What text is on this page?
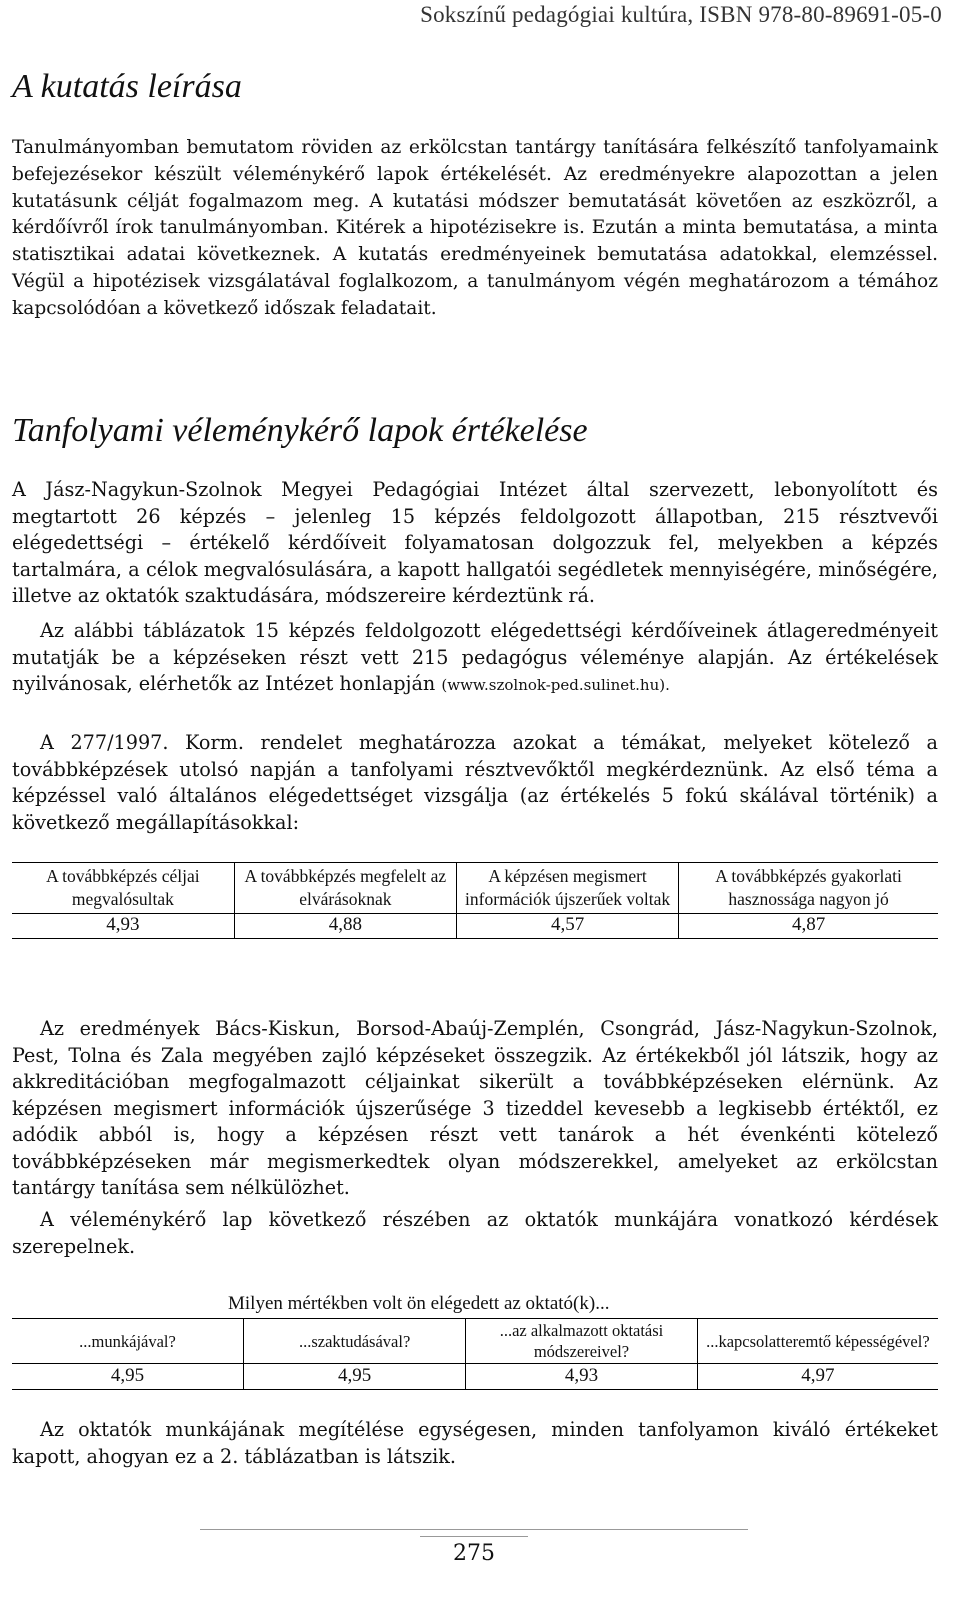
Sokszínű pedagógiai kultúra, ISBN 978-80-89691-05-0
A kutatás leírása

Tanulmányomban bemutatom röviden az erkölcstan tantárgy tanítására felkészítő tanfolyamaink befejezésekor készült véleménykérő lapok értékelését. Az eredményekre alapozottan a jelen kutatásunk célját fogalmazom meg. A kutatási módszer bemutatását követően az eszközről, a kérdőívről írok tanulmányomban. Kitérek a hipotézisekre is. Ezután a minta bemutatása, a minta statisztikai adatai következnek. A kutatás eredményeinek bemutatása adatokkal, elemzéssel. Végül a hipotézisek vizsgálatával foglalkozom, a tanulmányom végén meghatározom a témához kapcsolódóan a következő időszak feladatait.

Tanfolyami véleménykérő lapok értékelése

A Jász-Nagykun-Szolnok Megyei Pedagógiai Intézet által szervezett, lebonyolított és megtartott 26 képzés – jelenleg 15 képzés feldolgozott állapotban, 215 résztvevői elégedettségi – értékelő kérdőíveit folyamatosan dolgozzuk fel, melyekben a képzés tartalmára, a célok megvalósulására, a kapott hallgatói segédletek mennyiségére, minőségére, illetve az oktatók szaktudására, módszereire kérdeztünk rá.

Az alábbi táblázatok 15 képzés feldolgozott elégedettségi kérdőíveinek átlageredményeit mutatják be a képzéseken részt vett 215 pedagógus véleménye alapján. Az értékelések nyilvánosak, elérhetők az Intézet honlapján (www.szolnok-ped.sulinet.hu).

A 277/1997. Korm. rendelet meghatározza azokat a témákat, melyeket kötelező a továbbképzések utolsó napján a tanfolyami résztvevőktől megkérdeznünk. Az első téma a képzéssel való általános elégedettséget vizsgálja (az értékelés 5 fokú skálával történik) a következő megállapításokkal:

A továbbképzés céljai megvalósultak	A továbbképzés megfelelt az elvárásoknak	A képzésen megismert információk újszerűek voltak	A továbbképzés gyakorlati hasznossága nagyon jó
4,93	4,88	4,57	4,87

Az eredmények Bács-Kiskun, Borsod-Abaúj-Zemplén, Csongrád, Jász-Nagykun-Szolnok, Pest, Tolna és Zala megyében zajló képzéseket összegzik. Az értékekből jól látszik, hogy az akkreditációban megfogalmazott céljainkat sikerült a továbbképzéseken elérnünk. Az képzésen megismert információk újszerűsége 3 tizeddel kevesebb a legkisebb értéktől, ez adódik abból is, hogy a képzésen részt vett tanárok a hét évenkénti kötelező továbbképzéseken már megismerkedtek olyan módszerekkel, amelyeket az erkölcstan tantárgy tanítása sem nélkülözhet.

A véleménykérő lap következő részében az oktatók munkájára vonatkozó kérdések szerepelnek.

Milyen mértékben volt ön elégedett az oktató(k)...
...munkájával?	...szaktudásával?	...az alkalmazott oktatási módszereivel?	...kapcsolatteremtő képességével?
4,95	4,95	4,93	4,97

Az oktatók munkájának megítélése egységesen, minden tanfolyamon kiváló értékeket kapott, ahogyan ez a 2. táblázatban is látszik.

275
